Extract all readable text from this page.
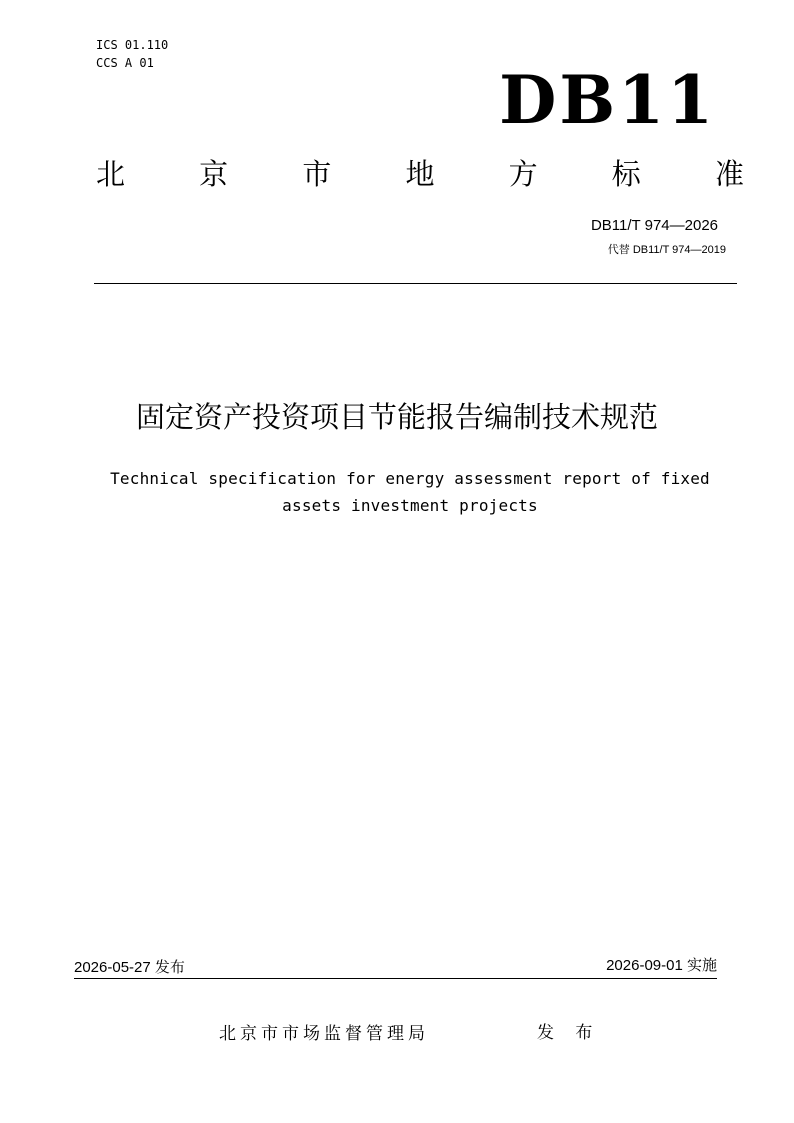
ICS 01.110
CCS A 01	DB11
北	京	市	地	方	标	准
DB11/T 974—2026
代替 DB11/T 974—2019
固定资产投资项目节能报告编制技术规范
Technical specification for energy assessment report of fixed assets investment projects
2026-05-27 发布	2026-09-01 实施
北京市市场监督管理局	发 布
